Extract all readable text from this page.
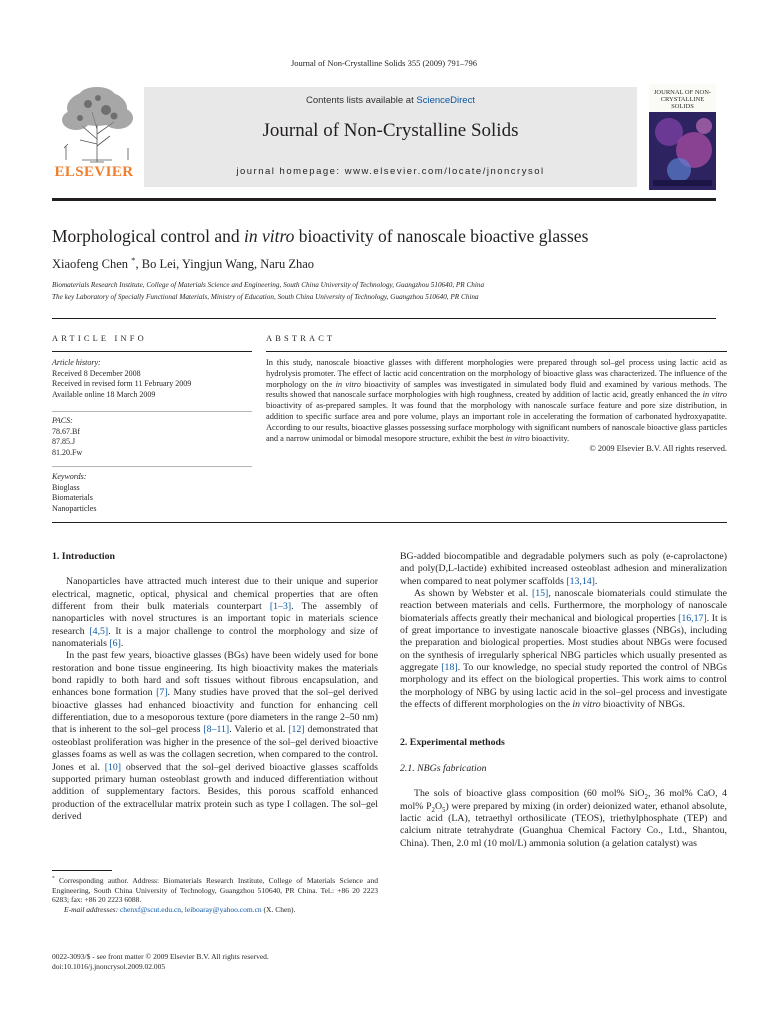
Journal of Non-Crystalline Solids 355 (2009) 791–796
ELSEVIER
Contents lists available at ScienceDirect
Journal of Non-Crystalline Solids
journal homepage: www.elsevier.com/locate/jnoncrysol
JOURNAL OF NON-CRYSTALLINE SOLIDS
Morphological control and in vitro bioactivity of nanoscale bioactive glasses
Xiaofeng Chen *, Bo Lei, Yingjun Wang, Naru Zhao
Biomaterials Research Institute, College of Materials Science and Engineering, South China University of Technology, Guangzhou 510640, PR China
The key Laboratory of Specially Functional Materials, Ministry of Education, South China University of Technology, Guangzhou 510640, PR China
ARTICLE INFO
Article history:
Received 8 December 2008
Received in revised form 11 February 2009
Available online 18 March 2009
PACS:
78.67.Bf
87.85.J
81.20.Fw
Keywords:
Bioglass
Biomaterials
Nanoparticles
ABSTRACT
In this study, nanoscale bioactive glasses with different morphologies were prepared through sol–gel process using lactic acid as hydrolysis promoter. The effect of lactic acid concentration on the morphology of bioactive glass was characterized. The influence of the morphology on the in vitro bioactivity of samples was investigated in simulated body fluid and examined by various methods. The results showed that nanoscale surface morphologies with high roughness, created by addition of lactic acid, greatly enhanced the in vitro bioactivity of as-prepared samples. It was found that the morphology with nanoscale surface feature and pore size distribution, in addition to specific surface area and pore volume, plays an important role in accelerating the formation of carbonated hydroxyapatite. According to our results, bioactive glasses possessing surface morphology with significant numbers of nanoscale bioactive glass particles and a narrow unimodal or bimodal mesopore structure, exhibit the best in vitro bioactivity.
© 2009 Elsevier B.V. All rights reserved.
1. Introduction

Nanoparticles have attracted much interest due to their unique and superior electrical, magnetic, optical, physical and chemical properties that are often different from their bulk materials counterpart [1–3]. The assembly of nanoparticles with novel structures is an important topic in materials science research [4,5]. It is a major challenge to control the morphology and size of nanomaterials [6].

In the past few years, bioactive glasses (BGs) have been widely used for bone restoration and bone tissue engineering. Its high bioactivity makes the materials bond rapidly to both hard and soft tissues without fibrous encapsulation, and enhances bone formation [7]. Many studies have proved that the sol–gel derived bioactive glasses had enhanced bioactivity and function for enhancing cell differentiation, due to a mesoporous texture (pore diameters in the range 2–50 nm) that is inherent to the sol–gel process [8–11]. Valerio et al. [12] demonstrated that osteoblast proliferation was higher in the presence of the sol–gel derived bioactive glasses foams as well as was the collagen secretion, when compared to the control. Jones et al. [10] observed that the sol–gel derived bioactive glasses scaffolds supported primary human osteoblast growth and induced differentiation without addition of supplementary factors. Besides, this porous scaffold enhanced production of the extracellular matrix protein such as type I collagen. The sol–gel derived

* Corresponding author. Address: Biomaterials Research Institute, College of Materials Science and Engineering, South China University of Technology, Guangzhou 510640, PR China. Tel.: +86 20 2223 6283; fax: +86 20 2223 6088.
E-mail addresses: chenxf@scut.edu.cn, leiboaray@yahoo.com.cn (X. Chen).
0022-3093/$ - see front matter © 2009 Elsevier B.V. All rights reserved.
doi:10.1016/j.jnoncrysol.2009.02.005
BG-added biocompatible and degradable polymers such as poly (e-caprolactone) and poly(D,L-lactide) exhibited increased osteoblast adhesion and mineralization when compared to neat polymer scaffolds [13,14].

As shown by Webster et al. [15], nanoscale biomaterials could stimulate the reaction between materials and cells. Furthermore, the morphology of nanoscale biomaterials affects greatly their mechanical and biological properties [16,17]. It is of great importance to investigate nanoscale bioactive glasses (NBGs), including the preparation and biological properties. Most studies about NBGs were focused on the synthesis of irregularly spherical NBG particles which usually presented as aggregate [18]. To our knowledge, no special study reported the control of NBGs morphology and its effect on the biological properties. This work aims to control the morphology of NBG by using lactic acid in the sol–gel process and investigate the effects of different morphologies on the in vitro bioactivity of NBGs.

2. Experimental methods
2.1. NBGs fabrication

The sols of bioactive glass composition (60 mol% SiO$_2$, 36 mol% CaO, 4 mol% $P_2O_5$) were prepared by mixing (in order) deionized water, ethanol absolute, lactic acid (LA), tetraethyl orthosilicate (TEOS), triethylphosphate (TEP) and calcium nitrate tetrahydrate (Guanghua Chemical Factory Co., Ltd., Shantou, China). Then, 2.0 ml (10 mol/L) ammonia solution (a gelation catalyst) was
